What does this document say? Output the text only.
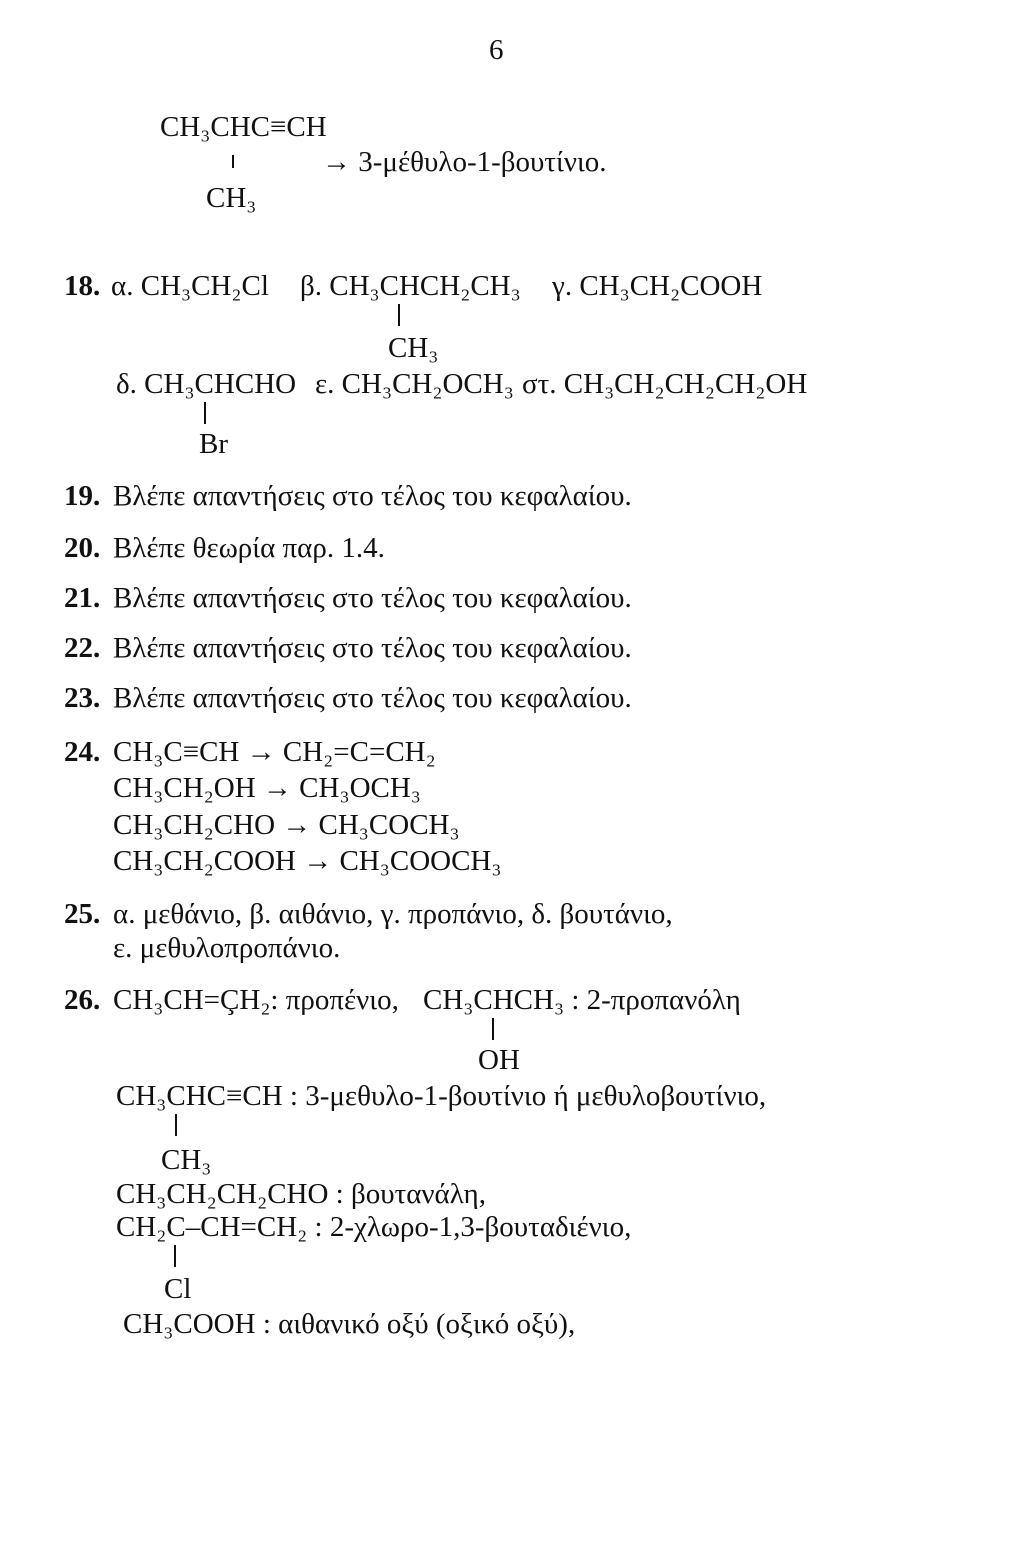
6
CH₃CHC≡CH
→ 3-μέθυλο-1-βουτίνιο.
CH₃
18. α. CH₃CH₂Cl β. CH₃CHCH₂CH₃
CH₃
γ. CH₃CH₂COOH
δ. CH₃CHCHO
Br
ε. CH₃CH₂OCH₃ στ. CH₃CH₂CH₂CH₂OH
19. Βλέπε απαντήσεις στο τέλος του κεφαλαίου.
20. Βλέπε θεωρία παρ. 1.4.
21. Βλέπε απαντήσεις στο τέλος του κεφαλαίου.
22. Βλέπε απαντήσεις στο τέλος του κεφαλαίου.
23. Βλέπε απαντήσεις στο τέλος του κεφαλαίου.
24. CH₃C≡CH → CH₂=C=CH₂
CH₃CH₂OH → CH₃OCH₃
CH₃CH₂CHO → CH₃COCH₃
CH₃CH₂COOH → CH₃COOCH₃
25. α. μεθάνιο, β. αιθάνιο, γ. προπάνιο, δ. βουτάνιο,
ε. μεθυλοπροπάνιο.
26. CH₃CH=ÇH₂: προπένιο, CH₃CHCH₃ : 2-προπανόλη
OH
CH₃CHC≡CH : 3-μεθυλο-1-βουτίνιο ή μεθυλοβουτίνιο,
CH₃
CH₃CH₂CH₂CHO : βουτανάλη,
CH₂C–CH=CH₂ : 2-χλωρο-1,3-βουταδιένιο,
Cl
CH₃COOH : αιθανικό οξύ (οξικό οξύ),
